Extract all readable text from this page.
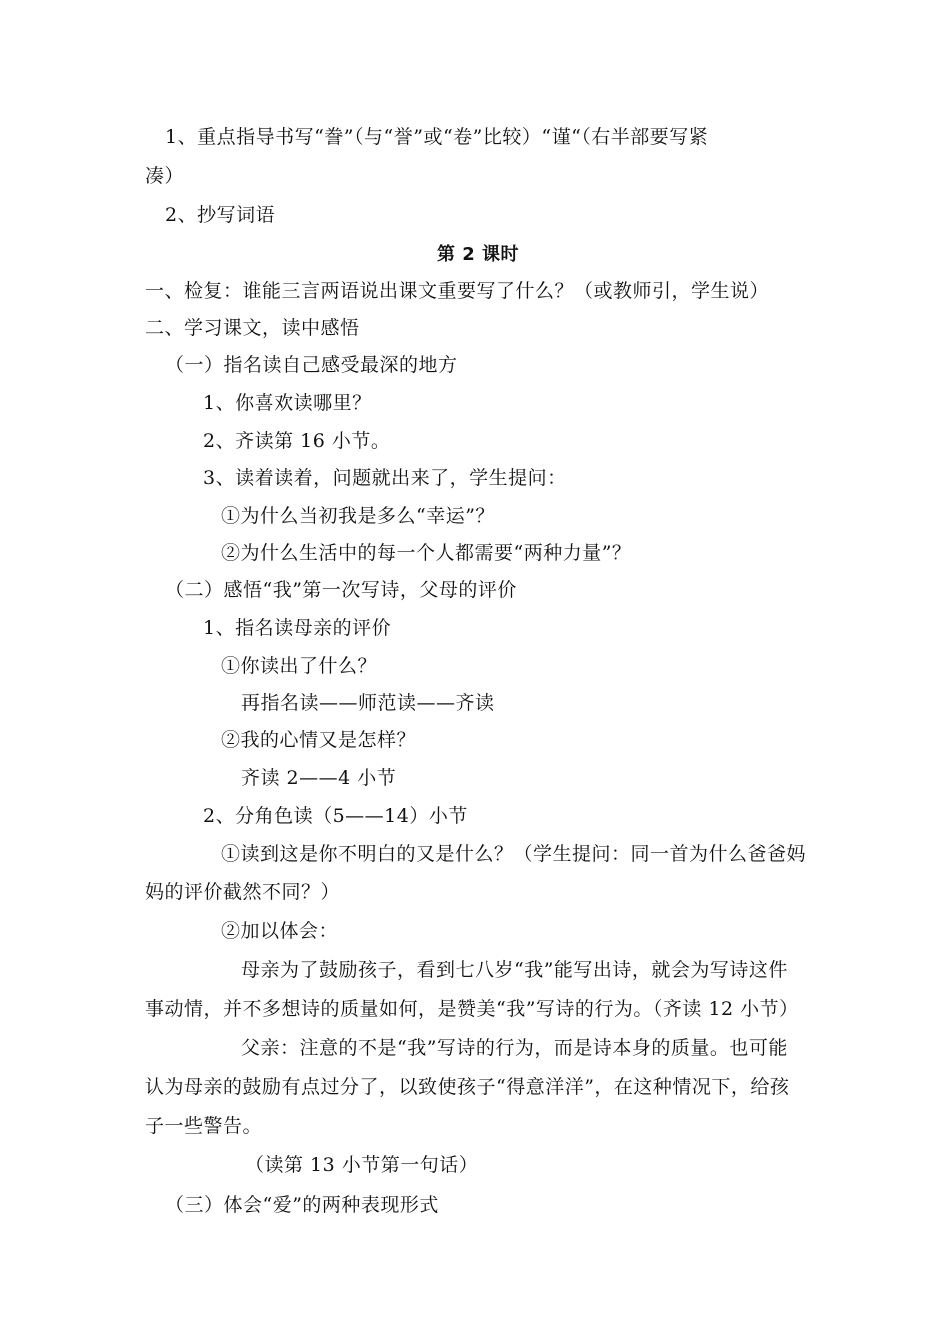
1、重点指导书写“誊”（与“誉”或“卷”比较）“谨“（右半部要写紧
凑）
2、抄写词语
第 2 课时
一、检复：谁能三言两语说出课文重要写了什么？（或教师引，学生说）
二、学习课文，读中感悟
（一）指名读自己感受最深的地方
1、你喜欢读哪里？
2、齐读第 16 小节。
3、读着读着，问题就出来了，学生提问：
①为什么当初我是多么“幸运”？
②为什么生活中的每一个人都需要“两种力量”？
（二）感悟“我”第一次写诗，父母的评价
1、指名读母亲的评价
①你读出了什么？
再指名读——师范读——齐读
②我的心情又是怎样？
齐读 2——4 小节
2、分角色读（5——14）小节
①读到这是你不明白的又是什么？（学生提问：同一首为什么爸爸妈
妈的评价截然不同？）
②加以体会：
母亲为了鼓励孩子，看到七八岁“我”能写出诗，就会为写诗这件
事动情，并不多想诗的质量如何，是赞美“我”写诗的行为。（齐读 12 小节）
父亲：注意的不是“我”写诗的行为，而是诗本身的质量。也可能
认为母亲的鼓励有点过分了，以致使孩子“得意洋洋”，在这种情况下，给孩
子一些警告。
（读第 13 小节第一句话）
（三）体会“爱”的两种表现形式
